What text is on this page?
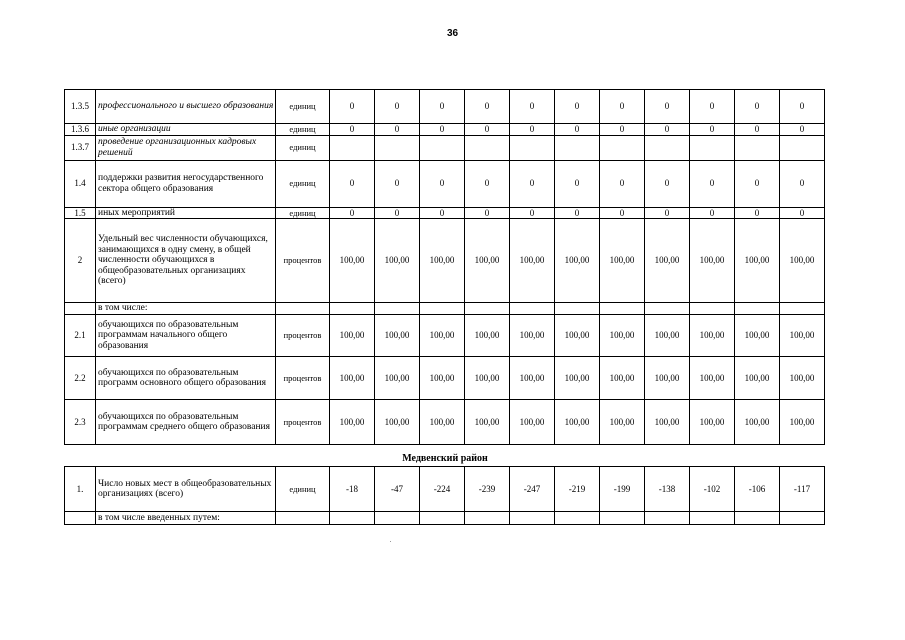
36
1.3.5	профессионального и высшего образования	единиц	0	0	0	0	0	0	0	0	0	0	0
1.3.6	иные организации	единиц	0	0	0	0	0	0	0	0	0	0	0
1.3.7	проведение организационных кадровых решений	единиц											
1.4	поддержки развития негосударственного сектора общего образования	единиц	0	0	0	0	0	0	0	0	0	0	0
1.5	иных мероприятий	единиц	0	0	0	0	0	0	0	0	0	0	0
2	Удельный вес численности обучающихся, занимающихся в одну смену, в общей численности обучающихся в общеобразовательных организациях (всего)	процентов	100,00	100,00	100,00	100,00	100,00	100,00	100,00	100,00	100,00	100,00	100,00
	в том числе:												
2.1	обучающихся по образовательным программам начального общего образования	процентов	100,00	100,00	100,00	100,00	100,00	100,00	100,00	100,00	100,00	100,00	100,00
2.2	обучающихся по образовательным программ основного общего образования	процентов	100,00	100,00	100,00	100,00	100,00	100,00	100,00	100,00	100,00	100,00	100,00
2.3	обучающихся по образовательным программам среднего общего образования	процентов	100,00	100,00	100,00	100,00	100,00	100,00	100,00	100,00	100,00	100,00	100,00
Медвенский район
1.	Число новых мест в общеобразовательных организациях (всего)	единиц	-18	-47	-224	-239	-247	-219	-199	-138	-102	-106	-117
	в том числе введенных путем:												
